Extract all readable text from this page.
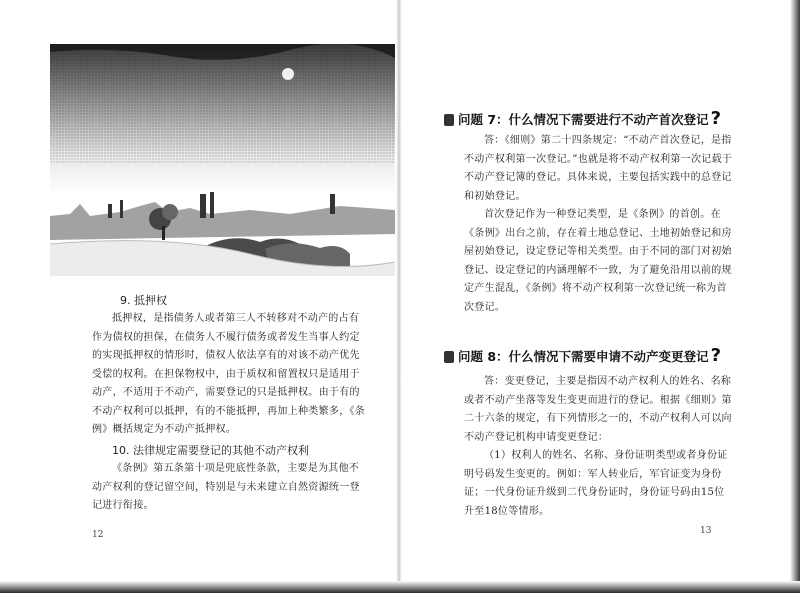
9. 抵押权

抵押权，是指债务人或者第三人不转移对不动产的占有作为债权的担保，在债务人不履行债务或者发生当事人约定的实现抵押权的情形时，债权人依法享有的对该不动产优先受偿的权利。在担保物权中，由于质权和留置权只是适用于动产，不适用于不动产，需要登记的只是抵押权。由于有的不动产权利可以抵押，有的不能抵押，再加上种类繁多，《条例》概括规定为不动产抵押权。

10. 法律规定需要登记的其他不动产权利

《条例》第五条第十项是兜底性条款，主要是为其他不动产权利的登记留空间，特别是与未来建立自然资源统一登记进行衔接。

12

问题 7：什么情况下需要进行不动产首次登记 ?

答：《细则》第二十四条规定：“不动产首次登记，是指不动产权利第一次登记。”也就是将不动产权利第一次记载于不动产登记簿的登记。具体来说，主要包括实践中的总登记和初始登记。

首次登记作为一种登记类型，是《条例》的首创。在《条例》出台之前，存在着土地总登记、土地初始登记和房屋初始登记，设定登记等相关类型。由于不同的部门对初始登记、设定登记的内涵理解不一致，为了避免沿用以前的规定产生混乱，《条例》将不动产权利第一次登记统一称为首次登记。

问题 8：什么情况下需要申请不动产变更登记 ?

答：变更登记，主要是指因不动产权利人的姓名、名称或者不动产坐落等发生变更而进行的登记。根据《细则》第二十六条的规定，有下列情形之一的，不动产权利人可以向不动产登记机构申请变更登记：

（1）权利人的姓名、名称、身份证明类型或者身份证明号码发生变更的。例如：军人转业后，军官证变为身份证；一代身份证升级到二代身份证时，身份证号码由15位升至18位等情形。

13
